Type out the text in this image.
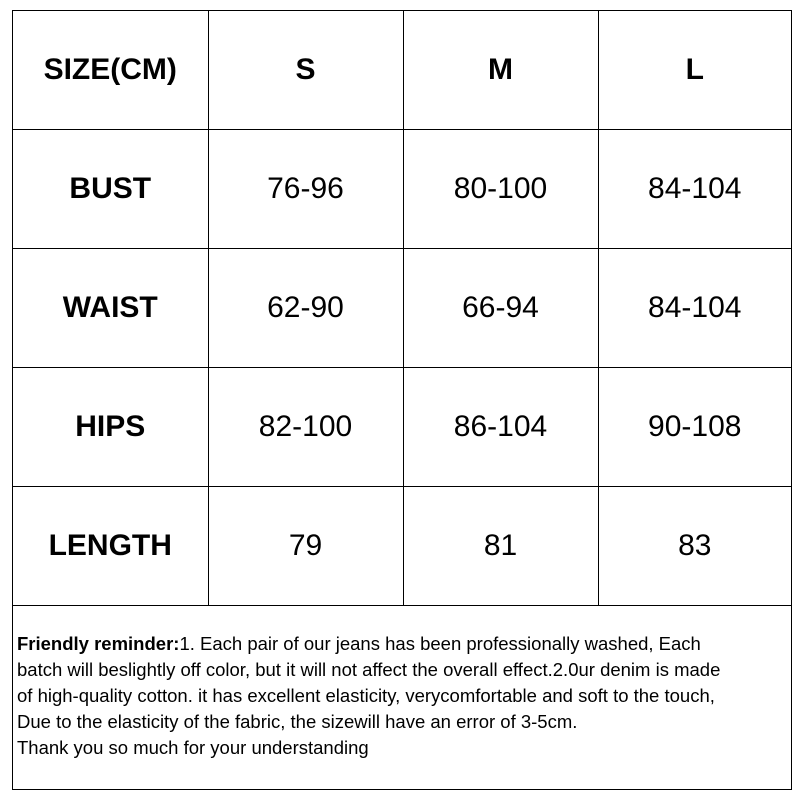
SIZE(CM)	S	M	L
BUST	76-96	80-100	84-104
WAIST	62-90	66-94	84-104
HIPS	82-100	86-104	90-108
LENGTH	79	81	83
Friendly reminder:1. Each pair of our jeans has been professionally washed, Each
batch will beslightly off color, but it will not affect the overall effect.2.0ur denim is made
of high-quality cotton. it has excellent elasticity, verycomfortable and soft to the touch,
Due to the elasticity of the fabric, the sizewill have an error of 3-5cm.
Thank you so much for your understanding
